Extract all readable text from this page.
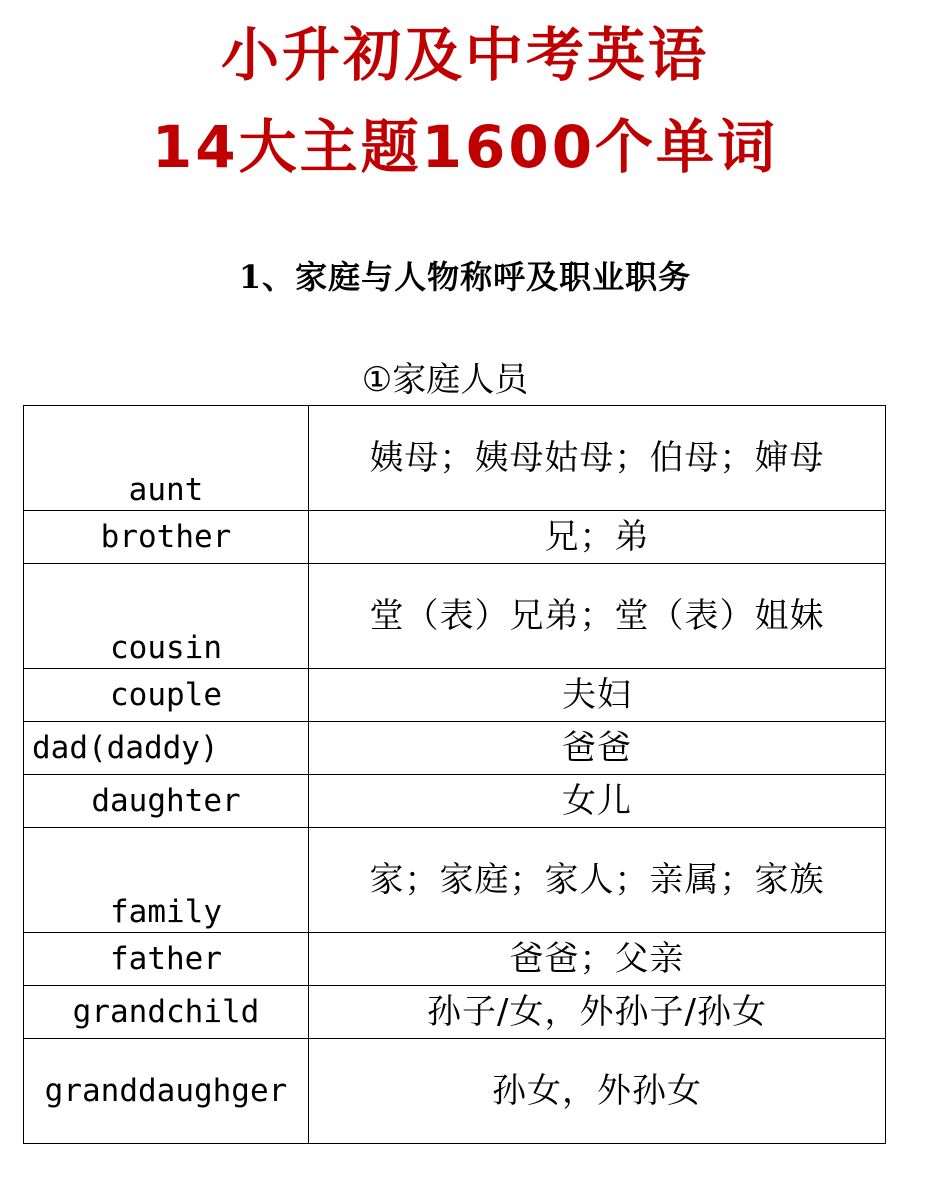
小升初及中考英语
14大主题1600个单词
1、家庭与人物称呼及职业职务
①家庭人员
aunt	姨母；姨母姑母；伯母；婶母
brother	兄；弟
cousin	堂（表）兄弟；堂（表）姐妹
couple	夫妇
dad(daddy)	爸爸
daughter	女儿
family	家；家庭；家人；亲属；家族
father	爸爸；父亲
grandchild	孙子/女，外孙子/孙女
granddaughger	孙女，外孙女
